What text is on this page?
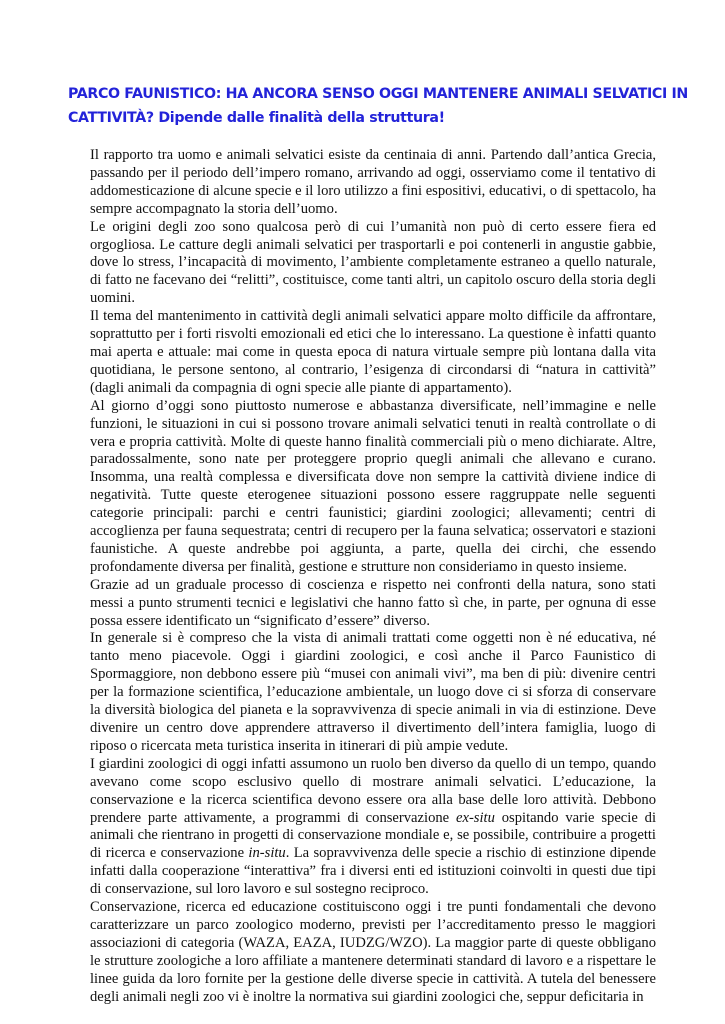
PARCO FAUNISTICO: HA ANCORA SENSO OGGI MANTENERE ANIMALI SELVATICI IN
CATTIVITÀ? Dipende dalle finalità della struttura!

Il rapporto tra uomo e animali selvatici esiste da centinaia di anni. Partendo dall’antica Grecia, passando per il periodo dell’impero romano, arrivando ad oggi, osserviamo come il tentativo di addomesticazione di alcune specie e il loro utilizzo a fini espositivi, educativi, o di spettacolo, ha sempre accompagnato la storia dell’uomo.

Le origini degli zoo sono qualcosa però di cui l’umanità non può di certo essere fiera ed orgogliosa. Le catture degli animali selvatici per trasportarli e poi contenerli in angustie gabbie, dove lo stress, l’incapacità di movimento, l’ambiente completamente estraneo a quello naturale, di fatto ne facevano dei “relitti”, costituisce, come tanti altri, un capitolo oscuro della storia degli uomini.

Il tema del mantenimento in cattività degli animali selvatici appare molto difficile da affrontare, soprattutto per i forti risvolti emozionali ed etici che lo interessano. La questione è infatti quanto mai aperta e attuale: mai come in questa epoca di natura virtuale sempre più lontana dalla vita quotidiana, le persone sentono, al contrario, l’esigenza di circondarsi di “natura in cattività” (dagli animali da compagnia di ogni specie alle piante di appartamento).

Al giorno d’oggi sono piuttosto numerose e abbastanza diversificate, nell’immagine e nelle funzioni, le situazioni in cui si possono trovare animali selvatici tenuti in realtà controllate o di vera e propria cattività. Molte di queste hanno finalità commerciali più o meno dichiarate. Altre, paradossalmente, sono nate per proteggere proprio quegli animali che allevano e curano. Insomma, una realtà complessa e diversificata dove non sempre la cattività diviene indice di negatività. Tutte queste eterogenee situazioni possono essere raggruppate nelle seguenti categorie principali: parchi e centri faunistici; giardini zoologici; allevamenti; centri di accoglienza per fauna sequestrata; centri di recupero per la fauna selvatica; osservatori e stazioni faunistiche. A queste andrebbe poi aggiunta, a parte, quella dei circhi, che essendo profondamente diversa per finalità, gestione e strutture non consideriamo in questo insieme.

Grazie ad un graduale processo di coscienza e rispetto nei confronti della natura, sono stati messi a punto strumenti tecnici e legislativi che hanno fatto sì che, in parte, per ognuna di esse possa essere identificato un “significato d’essere” diverso.

In generale si è compreso che la vista di animali trattati come oggetti non è né educativa, né tanto meno piacevole. Oggi i giardini zoologici, e così anche il Parco Faunistico di Spormaggiore, non debbono essere più “musei con animali vivi”, ma ben di più: divenire centri per la formazione scientifica, l’educazione ambientale, un luogo dove ci si sforza di conservare la diversità biologica del pianeta e la sopravvivenza di specie animali in via di estinzione. Deve divenire un centro dove apprendere attraverso il divertimento dell’intera famiglia, luogo di riposo o ricercata meta turistica inserita in itinerari di più ampie vedute.

I giardini zoologici di oggi infatti assumono un ruolo ben diverso da quello di un tempo, quando avevano come scopo esclusivo quello di mostrare animali selvatici. L’educazione, la conservazione e la ricerca scientifica devono essere ora alla base delle loro attività. Debbono prendere parte attivamente, a programmi di conservazione ex-situ ospitando varie specie di animali che rientrano in progetti di conservazione mondiale e, se possibile, contribuire a progetti di ricerca e conservazione in-situ. La sopravvivenza delle specie a rischio di estinzione dipende infatti dalla cooperazione “interattiva” fra i diversi enti ed istituzioni coinvolti in questi due tipi di conservazione, sul loro lavoro e sul sostegno reciproco.

Conservazione, ricerca ed educazione costituiscono oggi i tre punti fondamentali che devono caratterizzare un parco zoologico moderno, previsti per l’accreditamento presso le maggiori associazioni di categoria (WAZA, EAZA, IUDZG/WZO). La maggior parte di queste obbligano le strutture zoologiche a loro affiliate a mantenere determinati standard di lavoro e a rispettare le linee guida da loro fornite per la gestione delle diverse specie in cattività. A tutela del benessere degli animali negli zoo vi è inoltre la normativa sui giardini zoologici che, seppur deficitaria in
